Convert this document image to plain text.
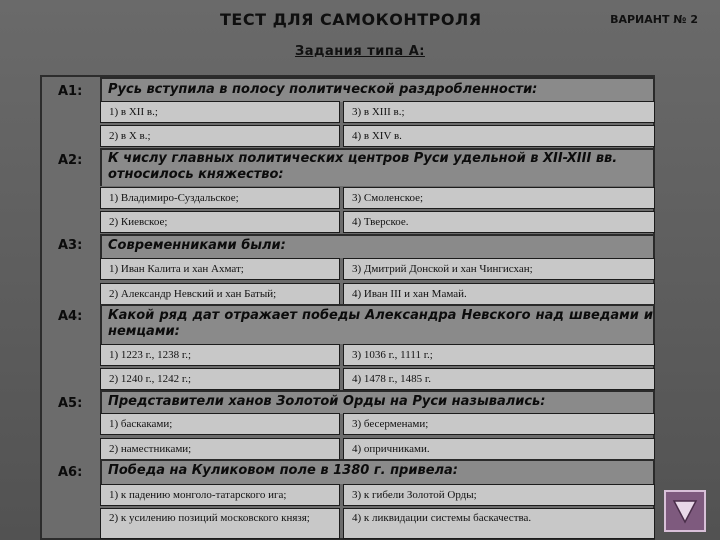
ТЕСТ ДЛЯ САМОКОНТРОЛЯ	ВАРИАНТ № 2
Задания типа А:
А1: Русь вступила в полосу политической раздробленности:
1) в XII в.;	3) в XIII в.;
2) в X в.;	4) в XIV в.
А2: К числу главных политических центров Руси удельной в XII-XIII вв. относилось княжество:
1) Владимиро-Суздальское;	3) Смоленское;
2) Киевское;	4) Тверское.
А3: Современниками были:
1) Иван Калита и хан Ахмат;	3) Дмитрий Донской и хан Чингисхан;
2) Александр Невский и хан Батый;	4) Иван III и хан Мамай.
А4: Какой ряд дат отражает победы Александра Невского над шведами и немцами:
1) 1223 г., 1238 г.;	3) 1036 г., 1111 г.;
2) 1240 г., 1242 г.;	4) 1478 г., 1485 г.
А5: Представители ханов Золотой Орды на Руси назывались:
1) баскаками;	3) бесерменами;
2) наместниками;	4) опричниками.
А6: Победа на Куликовом поле в 1380 г. привела:
1) к падению монголо-татарского ига;	3) к гибели Золотой Орды;
2) к усилению позиций московского князя;	4) к ликвидации системы баскачества.
